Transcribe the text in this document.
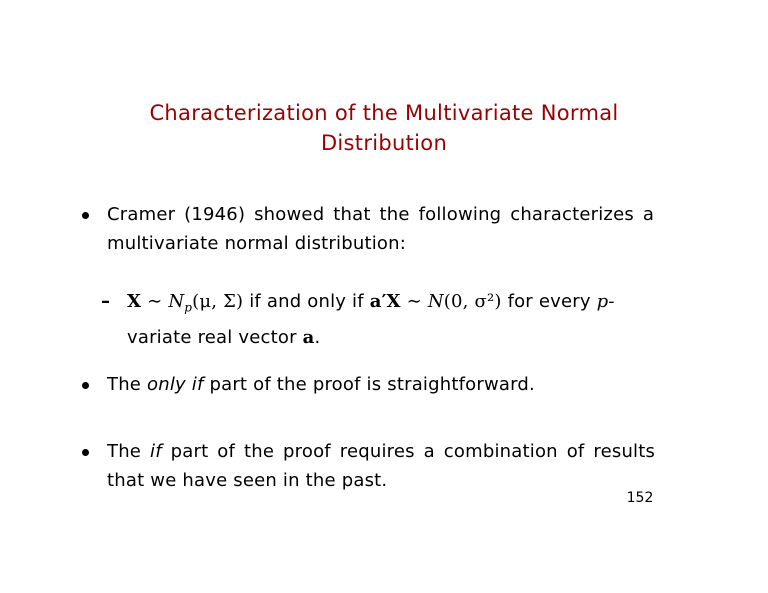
Characterization of the Multivariate Normal
Distribution
Cramer (1946) showed that the following characterizes a
multivariate normal distribution:
– X ∼ $N_p(\mu$, Σ) if and only if a′X ∼ N(0, σ²) for every p-
variate real vector a.
The only if part of the proof is straightforward.
The if part of the proof requires a combination of results
that we have seen in the past.
152
